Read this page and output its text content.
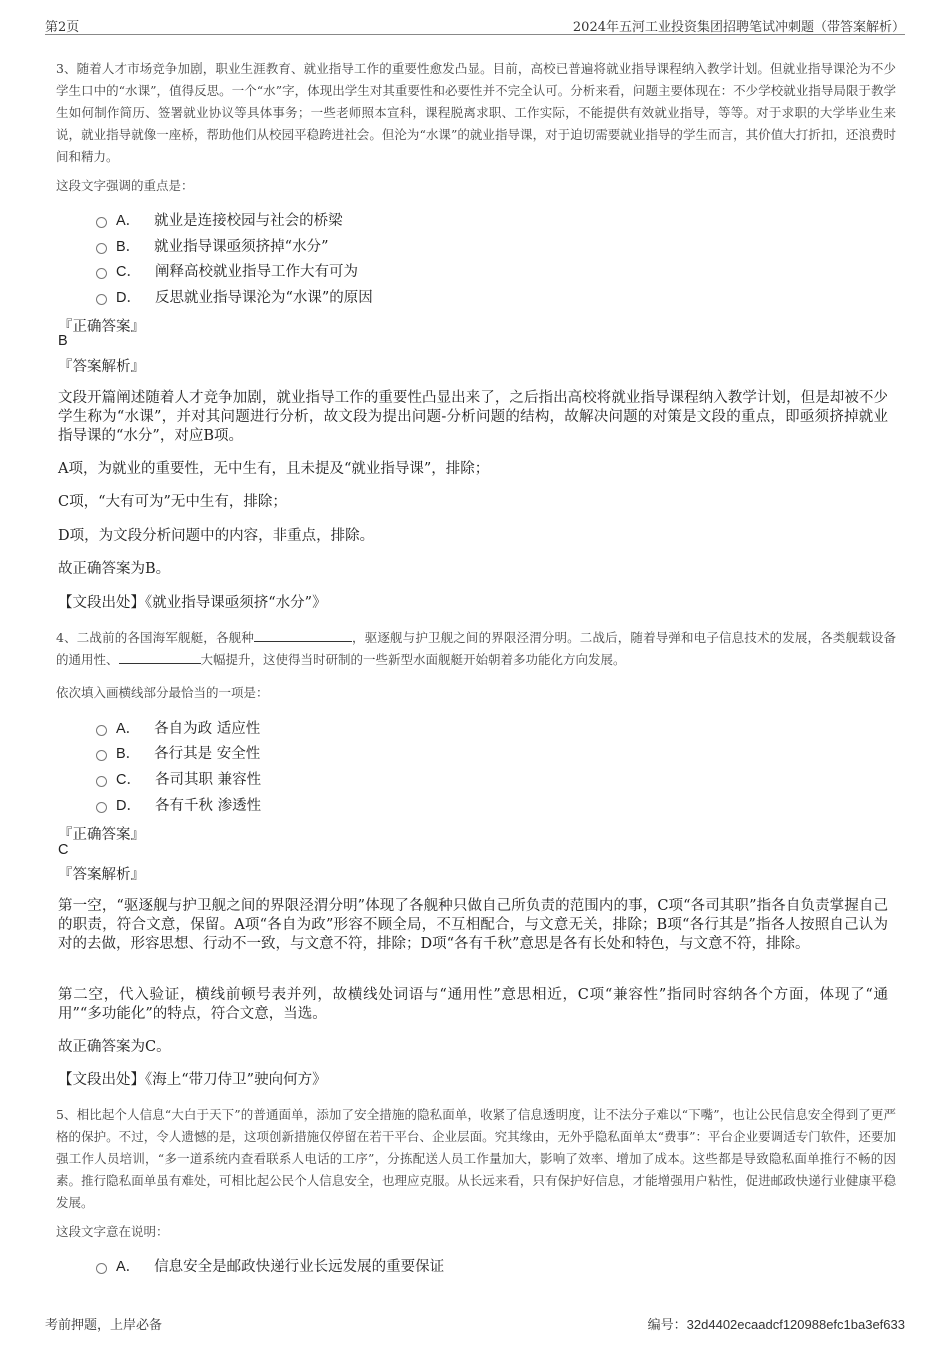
第2页	2024年五河工业投资集团招聘笔试冲刺题（带答案解析）
3、随着人才市场竞争加剧，职业生涯教育、就业指导工作的重要性愈发凸显。目前，高校已普遍将就业指导课程纳入教学计划。但就业指导课沦为不少学生口中的“水课”，值得反思。一个“水”字，体现出学生对其重要性和必要性并不完全认可。分析来看，问题主要体现在：不少学校就业指导局限于教学生如何制作简历、签署就业协议等具体事务；一些老师照本宣科，课程脱离求职、工作实际，不能提供有效就业指导，等等。对于求职的大学毕业生来说，就业指导就像一座桥，帮助他们从校园平稳跨进社会。但沦为“水课”的就业指导课，对于迫切需要就业指导的学生而言，其价值大打折扣，还浪费时间和精力。
这段文字强调的重点是：
A． 就业是连接校园与社会的桥梁
B． 就业指导课亟须挤掉“水分”
C． 阐释高校就业指导工作大有可为
D． 反思就业指导课沦为“水课”的原因
『正确答案』
B
『答案解析』
文段开篇阐述随着人才竞争加剧，就业指导工作的重要性凸显出来了，之后指出高校将就业指导课程纳入教学计划，但是却被不少学生称为“水课”，并对其问题进行分析，故文段为提出问题-分析问题的结构，故解决问题的对策是文段的重点，即亟须挤掉就业指导课的“水分”，对应B项。
A项，为就业的重要性，无中生有，且未提及“就业指导课”，排除；
C项，“大有可为”无中生有，排除；
D项，为文段分析问题中的内容，非重点，排除。
故正确答案为B。
【文段出处】《就业指导课亟须挤“水分”》
4、二战前的各国海军舰艇，各舰种	，驱逐舰与护卫舰之间的界限泾渭分明。二战后，随着导弹和电子信息技术的发展，各类舰载设备的通用性、	大幅提升，这使得当时研制的一些新型水面舰艇开始朝着多功能化方向发展。
依次填入画横线部分最恰当的一项是：
A． 各自为政 适应性
B． 各行其是 安全性
C． 各司其职 兼容性
D． 各有千秋 渗透性
『正确答案』
C
『答案解析』
第一空，“驱逐舰与护卫舰之间的界限泾渭分明”体现了各舰种只做自己所负责的范围内的事，C项“各司其职”指各自负责掌握自己的职责，符合文意，保留。A项“各自为政”形容不顾全局，不互相配合，与文意无关，排除；B项“各行其是”指各人按照自己认为对的去做，形容思想、行动不一致，与文意不符，排除；D项“各有千秋”意思是各有长处和特色，与文意不符，排除。
第二空，代入验证，横线前顿号表并列，故横线处词语与“通用性”意思相近，C项“兼容性”指同时容纳各个方面，体现了“通用”“多功能化”的特点，符合文意，当选。
故正确答案为C。
【文段出处】《海上“带刀侍卫”驶向何方》
5、相比起个人信息“大白于天下”的普通面单，添加了安全措施的隐私面单，收紧了信息透明度，让不法分子难以“下嘴”，也让公民信息安全得到了更严格的保护。不过，令人遗憾的是，这项创新措施仅停留在若干平台、企业层面。究其缘由，无外乎隐私面单太“费事”：平台企业要调适专门软件，还要加强工作人员培训，“多一道系统内查看联系人电话的工序”，分拣配送人员工作量加大，影响了效率、增加了成本。这些都是导致隐私面单推行不畅的因素。推行隐私面单虽有难处，可相比起公民个人信息安全，也理应克服。从长远来看，只有保护好信息，才能增强用户粘性，促进邮政快递行业健康平稳发展。
这段文字意在说明：
A． 信息安全是邮政快递行业长远发展的重要保证
考前押题，上岸必备	编号：32d4402ecaadcf120988efc1ba3ef633
